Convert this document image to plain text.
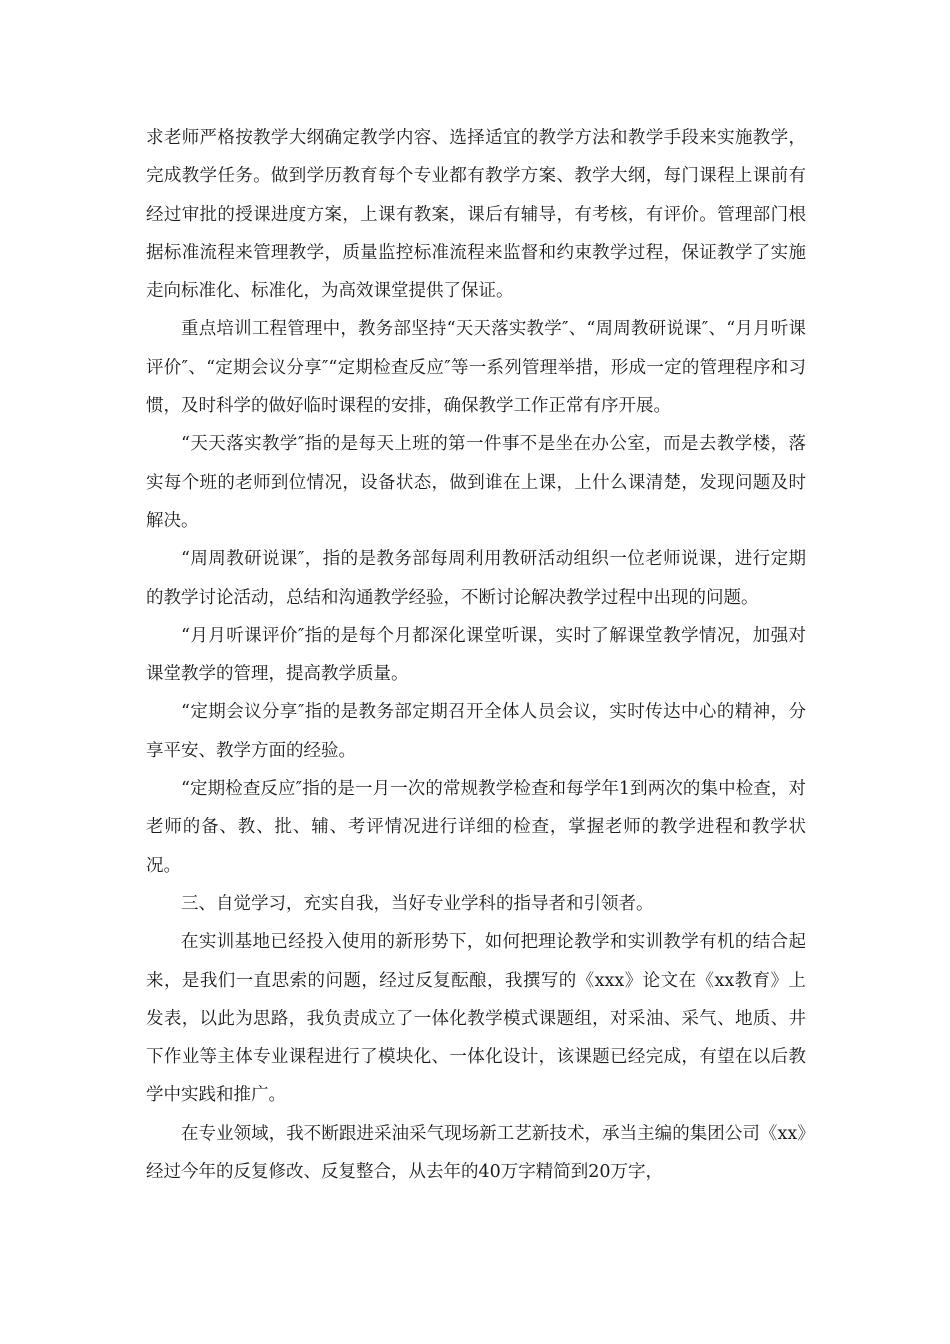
求老师严格按教学大纲确定教学内容、选择适宜的教学方法和教学手段来实施教学，完成教学任务。做到学历教育每个专业都有教学方案、教学大纲，每门课程上课前有经过审批的授课进度方案，上课有教案，课后有辅导，有考核，有评价。管理部门根据标准流程来管理教学，质量监控标准流程来监督和约束教学过程，保证教学了实施走向标准化、标准化，为高效课堂提供了保证。

重点培训工程管理中，教务部坚持“天天落实教学″、“周周教研说课″、“月月听课评价″、“定期会议分享″“定期检查反应″等一系列管理举措，形成一定的管理程序和习惯，及时科学的做好临时课程的安排，确保教学工作正常有序开展。

“天天落实教学″指的是每天上班的第一件事不是坐在办公室，而是去教学楼，落实每个班的老师到位情况，设备状态，做到谁在上课，上什么课清楚，发现问题及时解决。

“周周教研说课″，指的是教务部每周利用教研活动组织一位老师说课，进行定期的教学讨论活动，总结和沟通教学经验，不断讨论解决教学过程中出现的问题。

“月月听课评价″指的是每个月都深化课堂听课，实时了解课堂教学情况，加强对课堂教学的管理，提高教学质量。

“定期会议分享″指的是教务部定期召开全体人员会议，实时传达中心的精神，分享平安、教学方面的经验。

“定期检查反应″指的是一月一次的常规教学检查和每学年1到两次的集中检查，对老师的备、教、批、辅、考评情况进行详细的检查，掌握老师的教学进程和教学状况。

三、自觉学习，充实自我，当好专业学科的指导者和引领者。

在实训基地已经投入使用的新形势下，如何把理论教学和实训教学有机的结合起来，是我们一直思索的问题，经过反复酝酿，我撰写的《xxx》论文在《xx教育》上发表，以此为思路，我负责成立了一体化教学模式课题组，对采油、采气、地质、井下作业等主体专业课程进行了模块化、一体化设计，该课题已经完成，有望在以后教学中实践和推广。

在专业领域，我不断跟进采油采气现场新工艺新技术，承当主编的集团公司《xx》经过今年的反复修改、反复整合，从去年的40万字精简到20万字，
